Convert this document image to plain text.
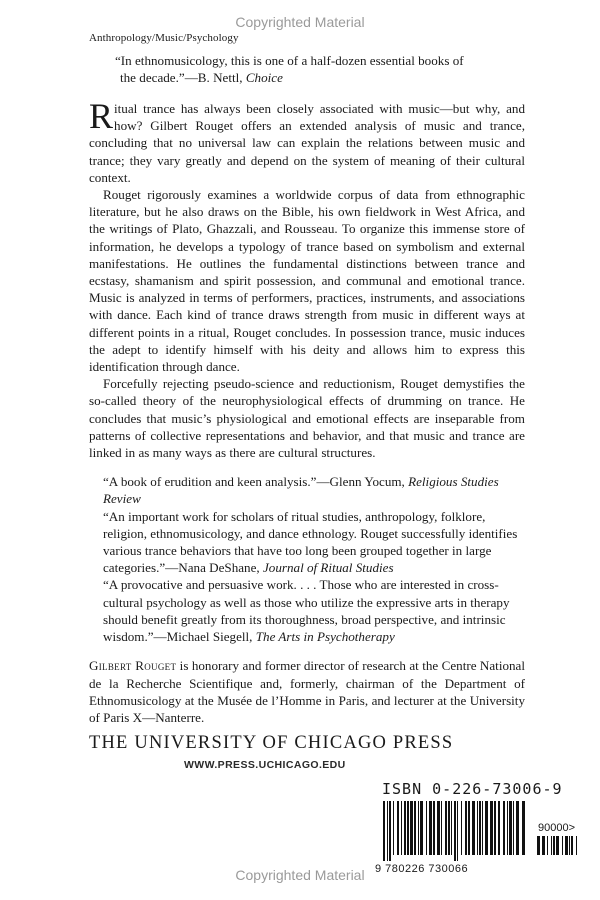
Copyrighted Material
Anthropology/Music/Psychology
“In ethnomusicology, this is one of a half-dozen essential books of

the decade.”—B. Nettl, Choice

Ritual trance has always been closely associated with music—but why, and how? Gilbert Rouget offers an extended analysis of music and trance, concluding that no universal law can explain the relations between music and trance; they vary greatly and depend on the system of meaning of their cultural context.

Rouget rigorously examines a worldwide corpus of data from ethnographic literature, but he also draws on the Bible, his own fieldwork in West Africa, and the writings of Plato, Ghazzali, and Rousseau. To organize this immense store of information, he develops a typology of trance based on symbolism and external manifestations. He outlines the fundamental distinctions between trance and ecstasy, shamanism and spirit possession, and communal and emotional trance. Music is analyzed in terms of performers, practices, instruments, and associations with dance. Each kind of trance draws strength from music in different ways at different points in a ritual, Rouget concludes. In possession trance, music induces the adept to identify himself with his deity and allows him to express this identification through dance.

Forcefully rejecting pseudo-science and reductionism, Rouget demystifies the so-called theory of the neurophysiological effects of drumming on trance. He concludes that music’s physiological and emotional effects are inseparable from patterns of collective representations and behavior, and that music and trance are linked in as many ways as there are cultural structures.

“A book of erudition and keen analysis.”—Glenn Yocum, Religious Studies Review

“An important work for scholars of ritual studies, anthropology, folklore, religion, ethnomusicology, and dance ethnology. Rouget successfully identifies various trance behaviors that have too long been grouped together in large categories.”—Nana DeShane, Journal of Ritual Studies

“A provocative and persuasive work. . . . Those who are interested in cross-cultural psychology as well as those who utilize the expressive arts in therapy should benefit greatly from its thoroughness, broad perspective, and intrinsic wisdom.”—Michael Siegell, The Arts in Psychotherapy

Gilbert Rouget is honorary and former director of research at the Centre National de la Recherche Scientifique and, formerly, chairman of the Department of Ethnomusicology at the Musée de l’Homme in Paris, and lecturer at the University of Paris X—Nanterre.

THE UNIVERSITY OF CHICAGO PRESS
WWW.PRESS.UCHICAGO.EDU
ISBN 0-226-73006-9
9 780226 730066
90000>
Copyrighted Material
